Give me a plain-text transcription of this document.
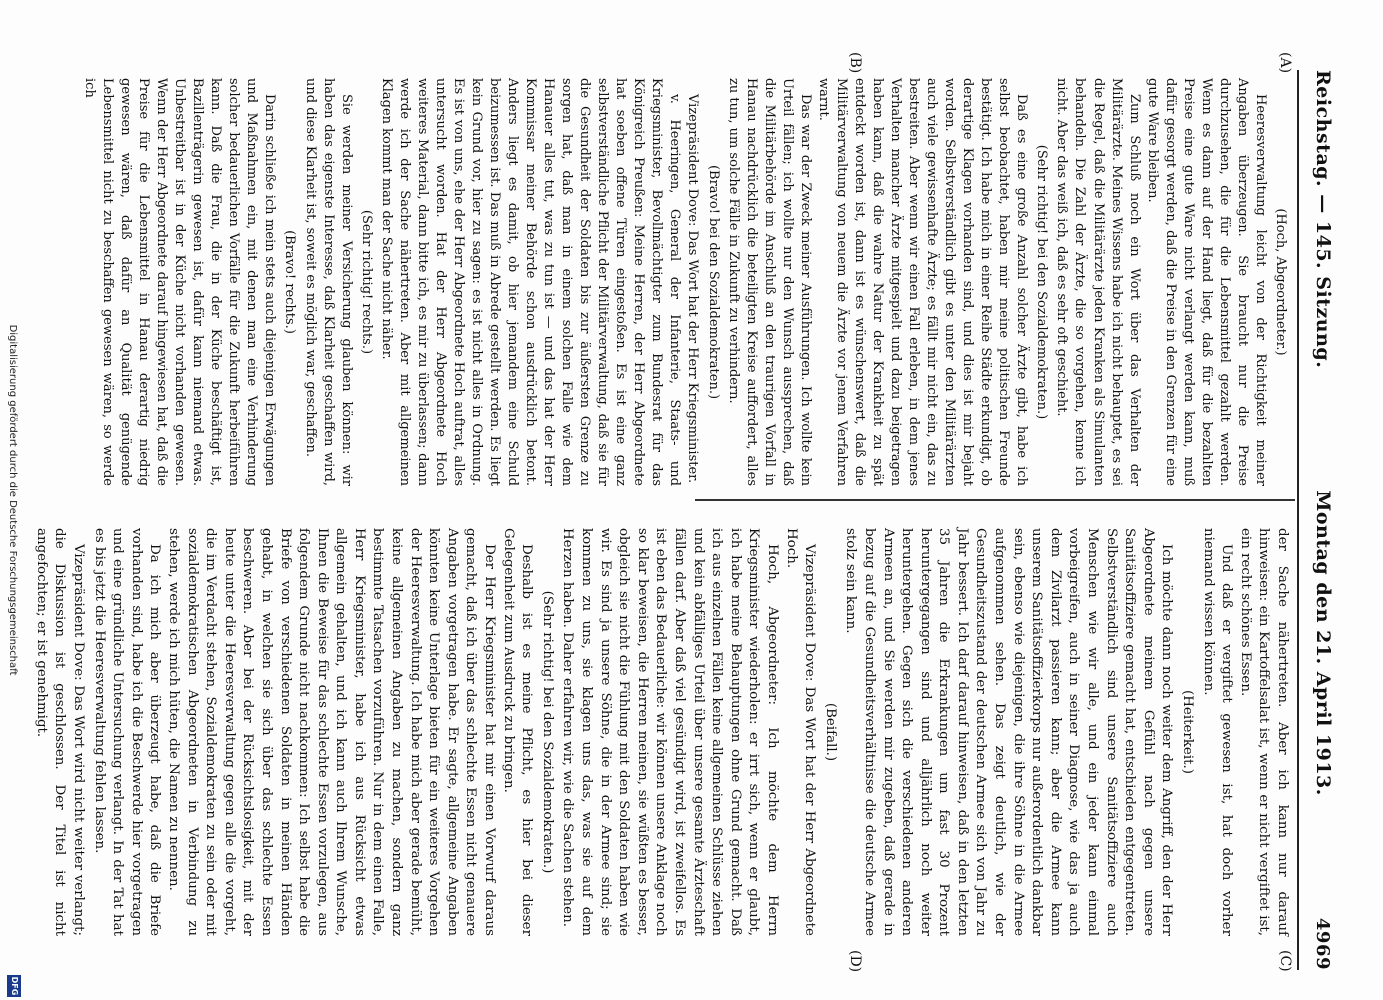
Reichstag. — 145. Sitzung.
Montag den 21. April 1913.
4969
(A)
(B)
(C)
(D)

(Hoch, Abgeordneter.)

Heeresverwaltung leicht von der Richtigkeit meiner Angaben überzeugen. Sie braucht nur die Preise durchzusehen, die für die Lebensmittel gezahlt werden. Wenn es dann auf der Hand liegt, daß für die bezahlten Preise eine gute Ware nicht verlangt werden kann, muß dafür gesorgt werden, daß die Preise in den Grenzen für eine gute Ware bleiben.

Zum Schluß noch ein Wort über das Verhalten der Militärärzte. Meines Wissens habe ich nicht behauptet, es sei die Regel, daß die Militärärzte jeden Kranken als Simulanten behandeln. Die Zahl der Ärzte, die so vorgehen, kenne ich nicht. Aber das weiß ich, daß es sehr oft geschieht.

(Sehr richtig! bei den Sozialdemokraten.)

Daß es eine große Anzahl solcher Ärzte gibt, habe ich selbst beobachtet, haben mir meine politischen Freunde bestätigt. Ich habe mich in einer Reihe Städte erkundigt, ob derartige Klagen vorhanden sind, und dies ist mir bejaht worden. Selbstverständlich gibt es unter den Militärärzten auch viele gewissenhafte Ärzte; es fällt mir nicht ein, das zu bestreiten. Aber wenn wir einen Fall erleben, in dem jenes Verhalten mancher Ärzte mitgespielt und dazu beigetragen haben kann, daß die wahre Natur der Krankheit zu spät entdeckt worden ist, dann ist es wünschenswert, daß die Militärverwaltung von neuem die Ärzte vor jenem Verfahren warnt.

Das war der Zweck meiner Ausführungen. Ich wollte kein Urteil fällen; ich wollte nur den Wunsch aussprechen, daß die Militärbehörde im Anschluß an den traurigen Vorfall in Hanau nachdrücklich die beteiligten Kreise auffordert, alles zu tun, um solche Fälle in Zukunft zu verhindern.

(Bravo! bei den Sozialdemokraten.)

Vizepräsident Dove: Das Wort hat der Herr Kriegsminister.

v. Heeringen, General der Infanterie, Staats- und Kriegsminister, Bevollmächtigter zum Bundesrat für das Königreich Preußen: Meine Herren, der Herr Abgeordnete hat soeben offene Türen eingestoßen. Es ist eine ganz selbstverständliche Pflicht der Militärverwaltung, daß sie für die Gesundheit der Soldaten bis zur äußersten Grenze zu sorgen hat, daß man in einem solchen Falle wie dem Hanauer alles tut, was zu tun ist — und das hat der Herr Kommissar meiner Behörde schon ausdrücklich betont. Anders liegt es damit, ob hier jemandem eine Schuld beizumessen ist. Das muß in Abrede gestellt werden. Es liegt kein Grund vor, hier zu sagen: es ist nicht alles in Ordnung. Es ist von uns, ehe der Herr Abgeordnete Hoch auftrat, alles untersucht worden. Hat der Herr Abgeordnete Hoch weiteres Material, dann bitte ich, es mir zu überlassen; dann werde ich der Sache nähertreten. Aber mit allgemeinen Klagen kommt man der Sache nicht näher.

(Sehr richtig! rechts.)

Sie werden meiner Versicherung glauben können: wir haben das eigenste Interesse, daß Klarheit geschaffen wird, und diese Klarheit ist, soweit es möglich war, geschaffen.

(Bravo! rechts.)

Darin schließe ich mein stets auch diejenigen Erwägungen und Maßnahmen ein, mit denen man eine Verhinderung solcher bedauerlichen Vorfälle für die Zukunft herbeiführen kann. Daß die Frau, die in der Küche beschäftigt ist, Bazillenträgerin gewesen ist, dafür kann niemand etwas. Unbestreitbar ist in der Küche nicht vorhanden gewesen. Wenn der Herr Abgeordnete darauf hingewiesen hat, daß die Preise für die Lebensmittel in Hanau derartig niedrig gewesen wären, daß dafür an Qualität genügende Lebensmittel nicht zu beschaffen gewesen wären, so werde ich

der Sache nähertreten. Aber ich kann nur darauf hinweisen: ein Kartoffelsalat ist, wenn er nicht vergiftet ist, ein recht schönes Essen.

Und daß er vergiftet gewesen ist, hat doch vorher niemand wissen können.

(Heiterkeit.)

Ich möchte dann noch weiter dem Angriff, den der Herr Abgeordnete meinem Gefühl nach gegen unsere Sanitätsoffiziere gemacht hat, entschieden entgegentreten. Selbstverständlich sind unsere Sanitätsoffiziere auch Menschen wie wir alle, und ein jeder kann einmal vorbeigreifen, auch in seiner Diagnose, wie das ja auch dem Zivilarzt passieren kann; aber die Armee kann unserem Sanitätsoffizierkorps nur außerordentlich dankbar sein, ebenso wie diejenigen, die ihre Söhne in die Armee aufgenommen sehen. Das zeigt deutlich, wie der Gesundheitszustand der deutschen Armee sich von Jahr zu Jahr bessert. Ich darf darauf hinweisen, daß in den letzten 35 Jahren die Erkrankungen um fast 30 Prozent heruntergegangen sind und alljährlich noch weiter heruntergehen. Gegen sich die verschiedenen anderen Armeen an, und Sie werden mir zugeben, daß gerade in bezug auf die Gesundheitsverhältnisse die deutsche Armee stolz sein kann.

(Beifall.)

Vizepräsident Dove: Das Wort hat der Herr Abgeordnete Hoch.

Hoch, Abgeordneter: Ich möchte dem Herrn Kriegsminister wiederholen: er irrt sich, wenn er glaubt, ich habe meine Behauptungen ohne Grund gemacht. Daß ich aus einzelnen Fällen keine allgemeinen Schlüsse ziehen und kein abfälliges Urteil über unsere gesamte Ärzteschaft fällen darf. Aber daß viel gesündigt wird, ist zweifellos. Es ist eben das Bedauerliche: wir können unsere Anklage noch so klar beweisen, die Herren meinen, sie wüßten es besser, obgleich sie nicht die Fühlung mit den Soldaten haben wie wir. Es sind ja unsere Söhne, die in der Armee sind; sie kommen zu uns, sie klagen uns das, was sie auf dem Herzen haben. Daher erfahren wir, wie die Sachen stehen.

(Sehr richtig! bei den Sozialdemokraten.)

Deshalb ist es meine Pflicht, es hier bei dieser Gelegenheit zum Ausdruck zu bringen.

Der Herr Kriegsminister hat mir einen Vorwurf daraus gemacht, daß ich über das schlechte Essen nicht genauere Angaben vorgetragen habe. Er sagte, allgemeine Angaben könnten keine Unterlage bieten für ein weiteres Vorgehen der Heeresverwaltung. Ich habe mich aber gerade bemüht, keine allgemeinen Angaben zu machen, sondern ganz bestimmte Tatsachen vorzuführen. Nur in dem einen Falle, Herr Kriegsminister, habe ich aus Rücksicht etwas allgemein gehalten, und ich kann auch Ihrem Wunsche, Ihnen die Beweise für das schlechte Essen vorzulegen, aus folgendem Grunde nicht nachkommen: Ich selbst habe die Briefe von verschiedenen Soldaten in meinen Händen gehabt, in welchen sie sich über das schlechte Essen beschweren. Aber bei der Rücksichtslosigkeit, mit der heute unter die Heeresverwaltung gegen alle die vorgeht, die im Verdacht stehen, Sozialdemokraten zu sein oder mit sozialdemokratischen Abgeordneten in Verbindung zu stehen, werde ich mich hüten, die Namen zu nennen.

Da ich mich aber überzeugt habe, daß die Briefe vorhanden sind, habe ich die Beschwerde hier vorgetragen und eine gründliche Untersuchung verlangt. In der Tat hat es bis jetzt die Heeresverwaltung fehlen lassen.

Vizepräsident Dove: Das Wort wird nicht weiter verlangt; die Diskussion ist geschlossen. Der Titel ist nicht angefochten; er ist genehmigt.

Digitalisierung gefördert durch die Deutsche Forschungsgemeinschaft
DFG
